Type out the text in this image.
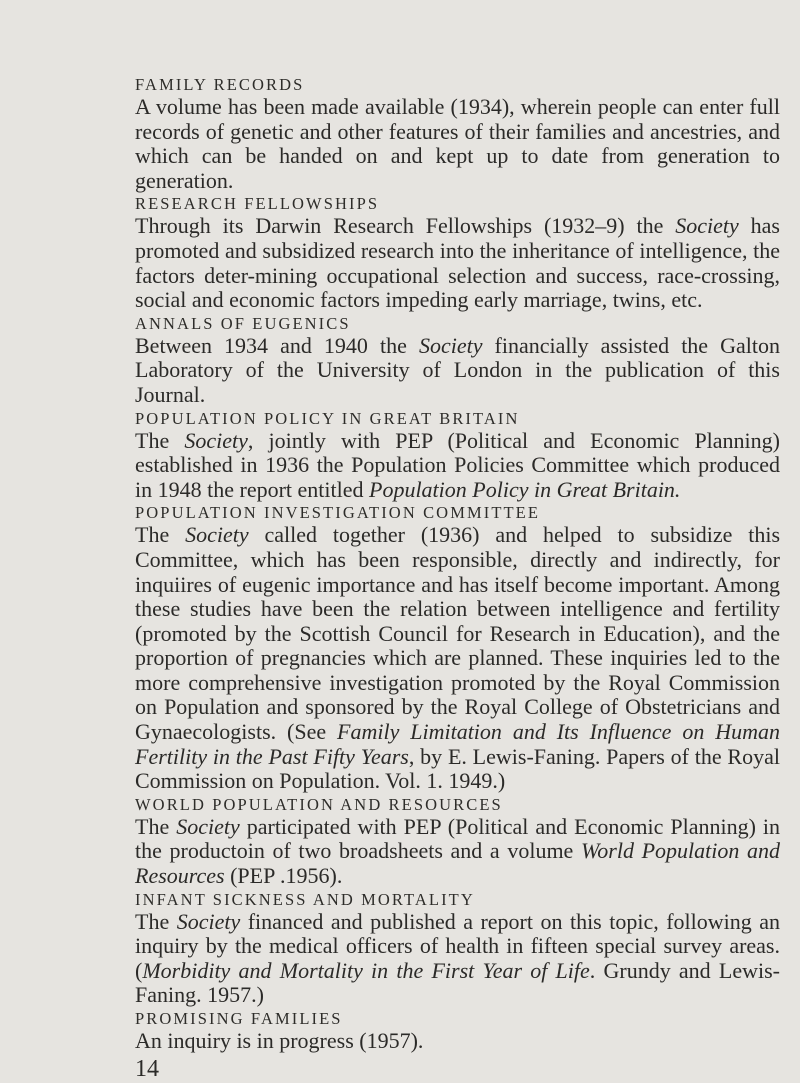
FAMILY RECORDS

A volume has been made available (1934), wherein people can enter full records of genetic and other features of their families and ancestries, and which can be handed on and kept up to date from generation to generation.

RESEARCH FELLOWSHIPS

Through its Darwin Research Fellowships (1932–9) the Society has promoted and subsidized research into the inheritance of intelligence, the factors deter-mining occupational selection and success, race-crossing, social and economic factors impeding early marriage, twins, etc.

ANNALS OF EUGENICS

Between 1934 and 1940 the Society financially assisted the Galton Laboratory of the University of London in the publication of this Journal.

POPULATION POLICY IN GREAT BRITAIN

The Society, jointly with PEP (Political and Economic Planning) established in 1936 the Population Policies Committee which produced in 1948 the report entitled Population Policy in Great Britain.

POPULATION INVESTIGATION COMMITTEE

The Society called together (1936) and helped to subsidize this Committee, which has been responsible, directly and indirectly, for inquiires of eugenic importance and has itself become important. Among these studies have been the relation between intelligence and fertility (promoted by the Scottish Council for Research in Education), and the proportion of pregnancies which are planned. These inquiries led to the more comprehensive investigation promoted by the Royal Commission on Population and sponsored by the Royal College of Obstetricians and Gynaecologists. (See Family Limitation and Its Influence on Human Fertility in the Past Fifty Years, by E. Lewis-Faning. Papers of the Royal Commission on Population. Vol. 1. 1949.)

WORLD POPULATION AND RESOURCES

The Society participated with PEP (Political and Economic Planning) in the productoin of two broadsheets and a volume World Population and Resources (PEP .1956).

INFANT SICKNESS AND MORTALITY

The Society financed and published a report on this topic, following an inquiry by the medical officers of health in fifteen special survey areas. (Morbidity and Mortality in the First Year of Life. Grundy and Lewis-Faning. 1957.)

PROMISING FAMILIES

An inquiry is in progress (1957).

14
